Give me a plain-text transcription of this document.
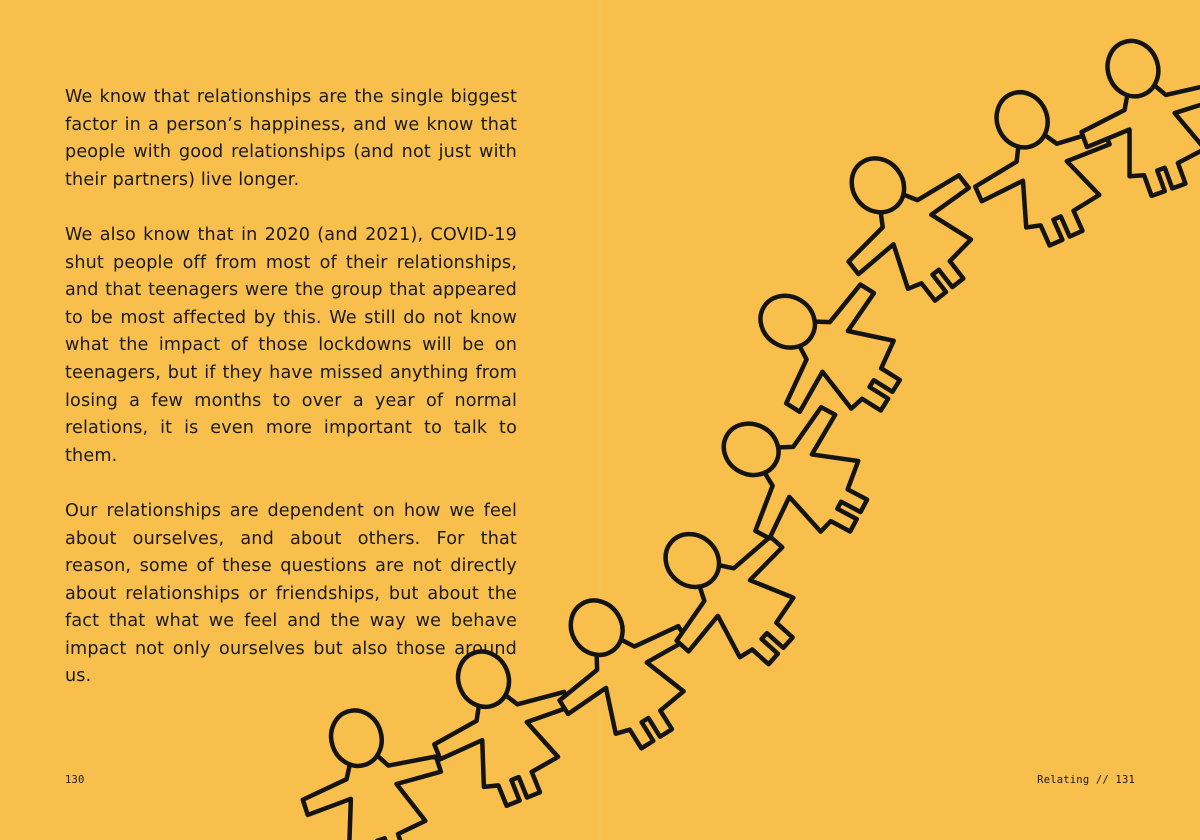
We know that relationships are the single biggest factor in a person’s happiness, and we know that people with good relationships (and not just with their partners) live longer.

We also know that in 2020 (and 2021), COVID-19 shut people off from most of their relationships, and that teenagers were the group that appeared to be most affected by this. We still do not know what the impact of those lockdowns will be on teenagers, but if they have missed anything from losing a few months to over a year of normal relations, it is even more important to talk to them.

Our relationships are dependent on how we feel about ourselves, and about others. For that reason, some of these questions are not directly about relationships or friendships, but about the fact that what we feel and the way we behave impact not only ourselves but also those around us.

130	Relating // 131
